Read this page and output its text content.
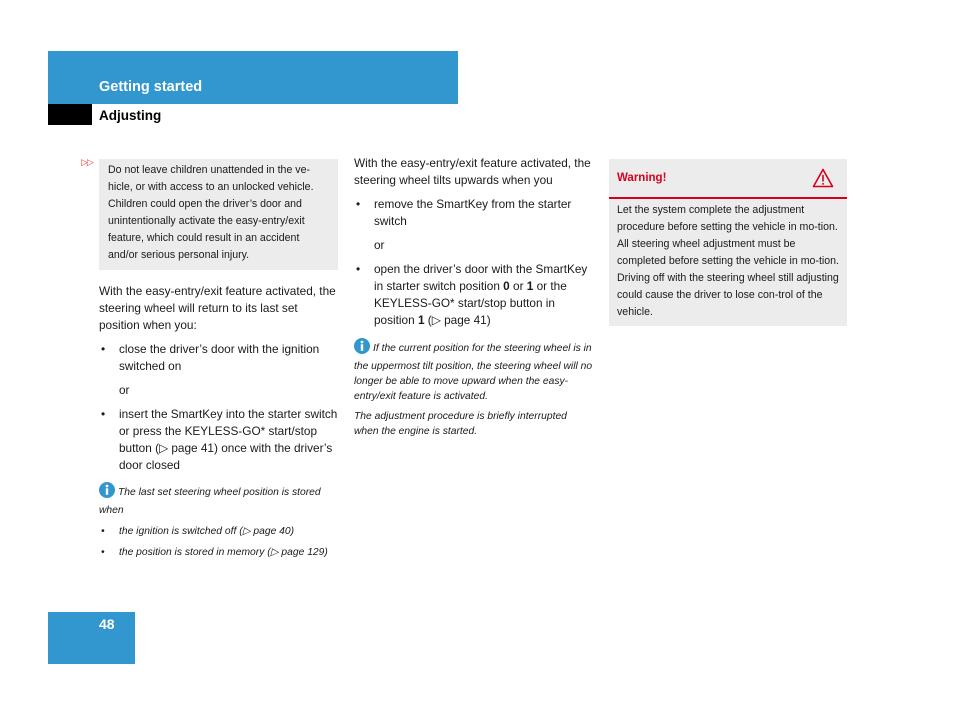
Getting started
Adjusting
▷▷

Do not leave children unattended in the ve-hicle, or with access to an unlocked vehicle. Children could open the driver’s door and unintentionally activate the easy-entry/exit feature, which could result in an accident and/or serious personal injury.

With the easy-entry/exit feature activated, the steering wheel will return to its last set position when you:

• close the driver’s door with the ignition switched on

or

• insert the SmartKey into the starter switch or press the KEYLESS-GO* start/stop button (▷ page 41) once with the driver’s door closed

The last set steering wheel position is stored when

• the ignition is switched off (▷ page 40)
• the position is stored in memory (▷ page 129)

With the easy-entry/exit feature activated, the steering wheel tilts upwards when you

• remove the SmartKey from the starter switch

or

• open the driver’s door with the SmartKey in starter switch position 0 or 1 or the KEYLESS-GO* start/stop button in position 1 (▷ page 41)

If the current position for the steering wheel is in the uppermost tilt position, the steering wheel will no longer be able to move upward when the easy-entry/exit feature is activated.

The adjustment procedure is briefly interrupted when the engine is started.

Warning!

Let the system complete the adjustment procedure before setting the vehicle in mo-tion. All steering wheel adjustment must be completed before setting the vehicle in mo-tion. Driving off with the steering wheel still adjusting could cause the driver to lose con-trol of the vehicle.

48
